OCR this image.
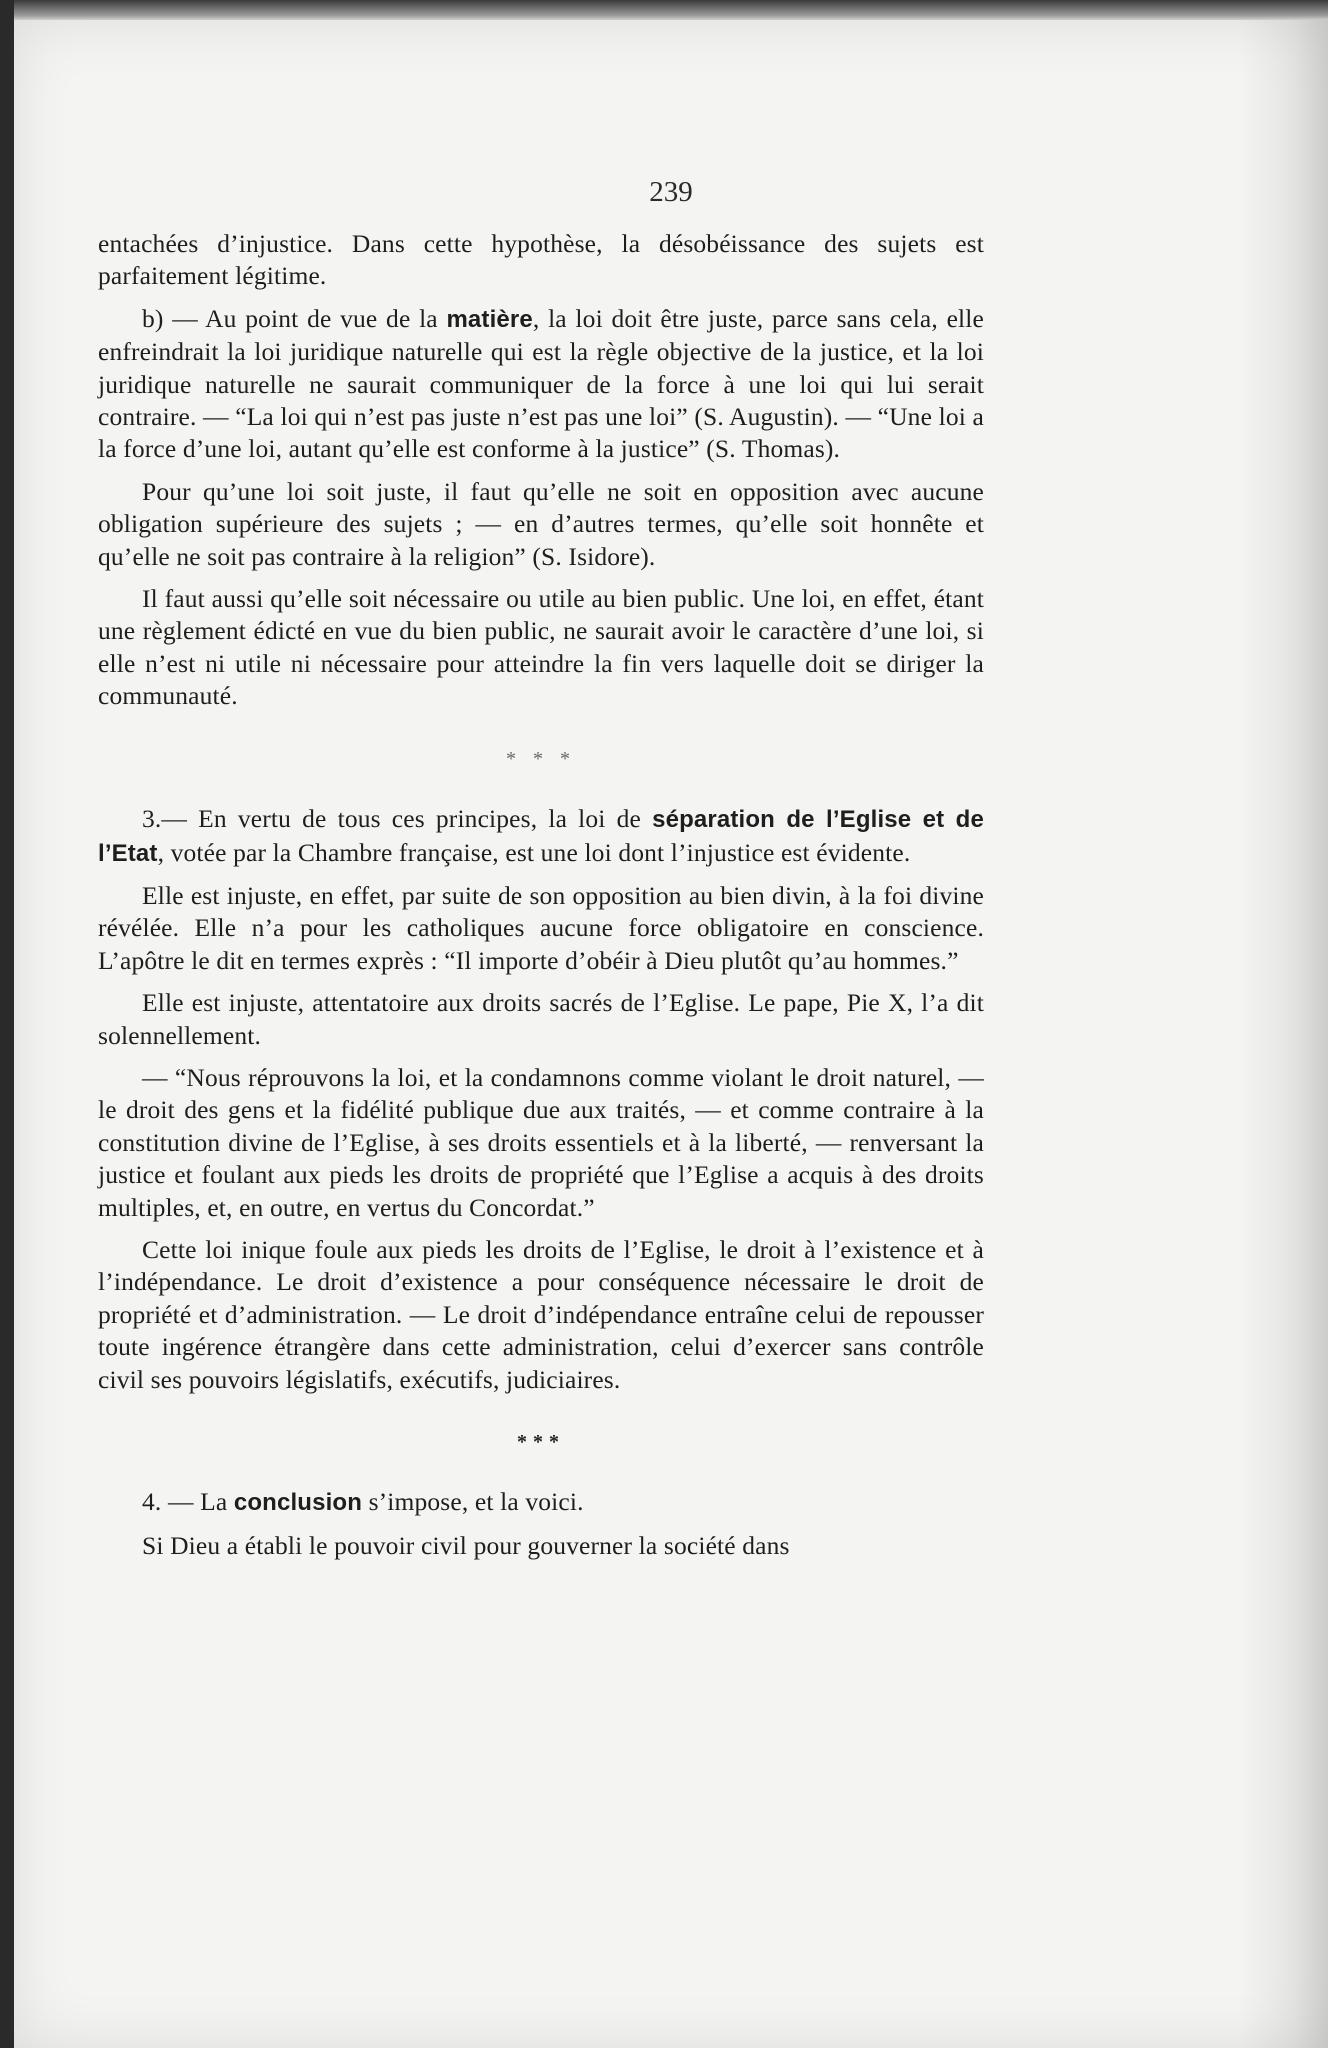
239

entachées d’injustice. Dans cette hypothèse, la désobéissance des sujets est parfaitement légitime.

b) — Au point de vue de la matière, la loi doit être juste, parce sans cela, elle enfreindrait la loi juridique naturelle qui est la règle objective de la justice, et la loi juridique naturelle ne saurait communiquer de la force à une loi qui lui serait contraire. — “La loi qui n’est pas juste n’est pas une loi” (S. Augustin). — “Une loi a la force d’une loi, autant qu’elle est conforme à la justice” (S. Thomas).

Pour qu’une loi soit juste, il faut qu’elle ne soit en opposition avec aucune obligation supérieure des sujets ; — en d’autres termes, qu’elle soit honnête et qu’elle ne soit pas contraire à la religion” (S. Isidore).

Il faut aussi qu’elle soit nécessaire ou utile au bien public. Une loi, en effet, étant une règlement édicté en vue du bien public, ne saurait avoir le caractère d’une loi, si elle n’est ni utile ni nécessaire pour atteindre la fin vers laquelle doit se diriger la communauté.

* * *

3.— En vertu de tous ces principes, la loi de séparation de l’Eglise et de l’Etat, votée par la Chambre française, est une loi dont l’injustice est évidente.

Elle est injuste, en effet, par suite de son opposition au bien divin, à la foi divine révélée. Elle n’a pour les catholiques aucune force obligatoire en conscience. L’apôtre le dit en termes exprès : “Il importe d’obéir à Dieu plutôt qu’au hommes.”

Elle est injuste, attentatoire aux droits sacrés de l’Eglise. Le pape, Pie X, l’a dit solennellement.

— “Nous réprouvons la loi, et la condamnons comme violant le droit naturel, — le droit des gens et la fidélité publique due aux traités, — et comme contraire à la constitution divine de l’Eglise, à ses droits essentiels et à la liberté, — renversant la justice et foulant aux pieds les droits de propriété que l’Eglise a acquis à des droits multiples, et, en outre, en vertus du Concordat.”

Cette loi inique foule aux pieds les droits de l’Eglise, le droit à l’existence et à l’indépendance. Le droit d’existence a pour conséquence nécessaire le droit de propriété et d’administration. — Le droit d’indépendance entraîne celui de repousser toute ingérence étrangère dans cette administration, celui d’exercer sans contrôle civil ses pouvoirs législatifs, exécutifs, judiciaires.

***

4. — La conclusion s’impose, et la voici.

Si Dieu a établi le pouvoir civil pour gouverner la société dans
